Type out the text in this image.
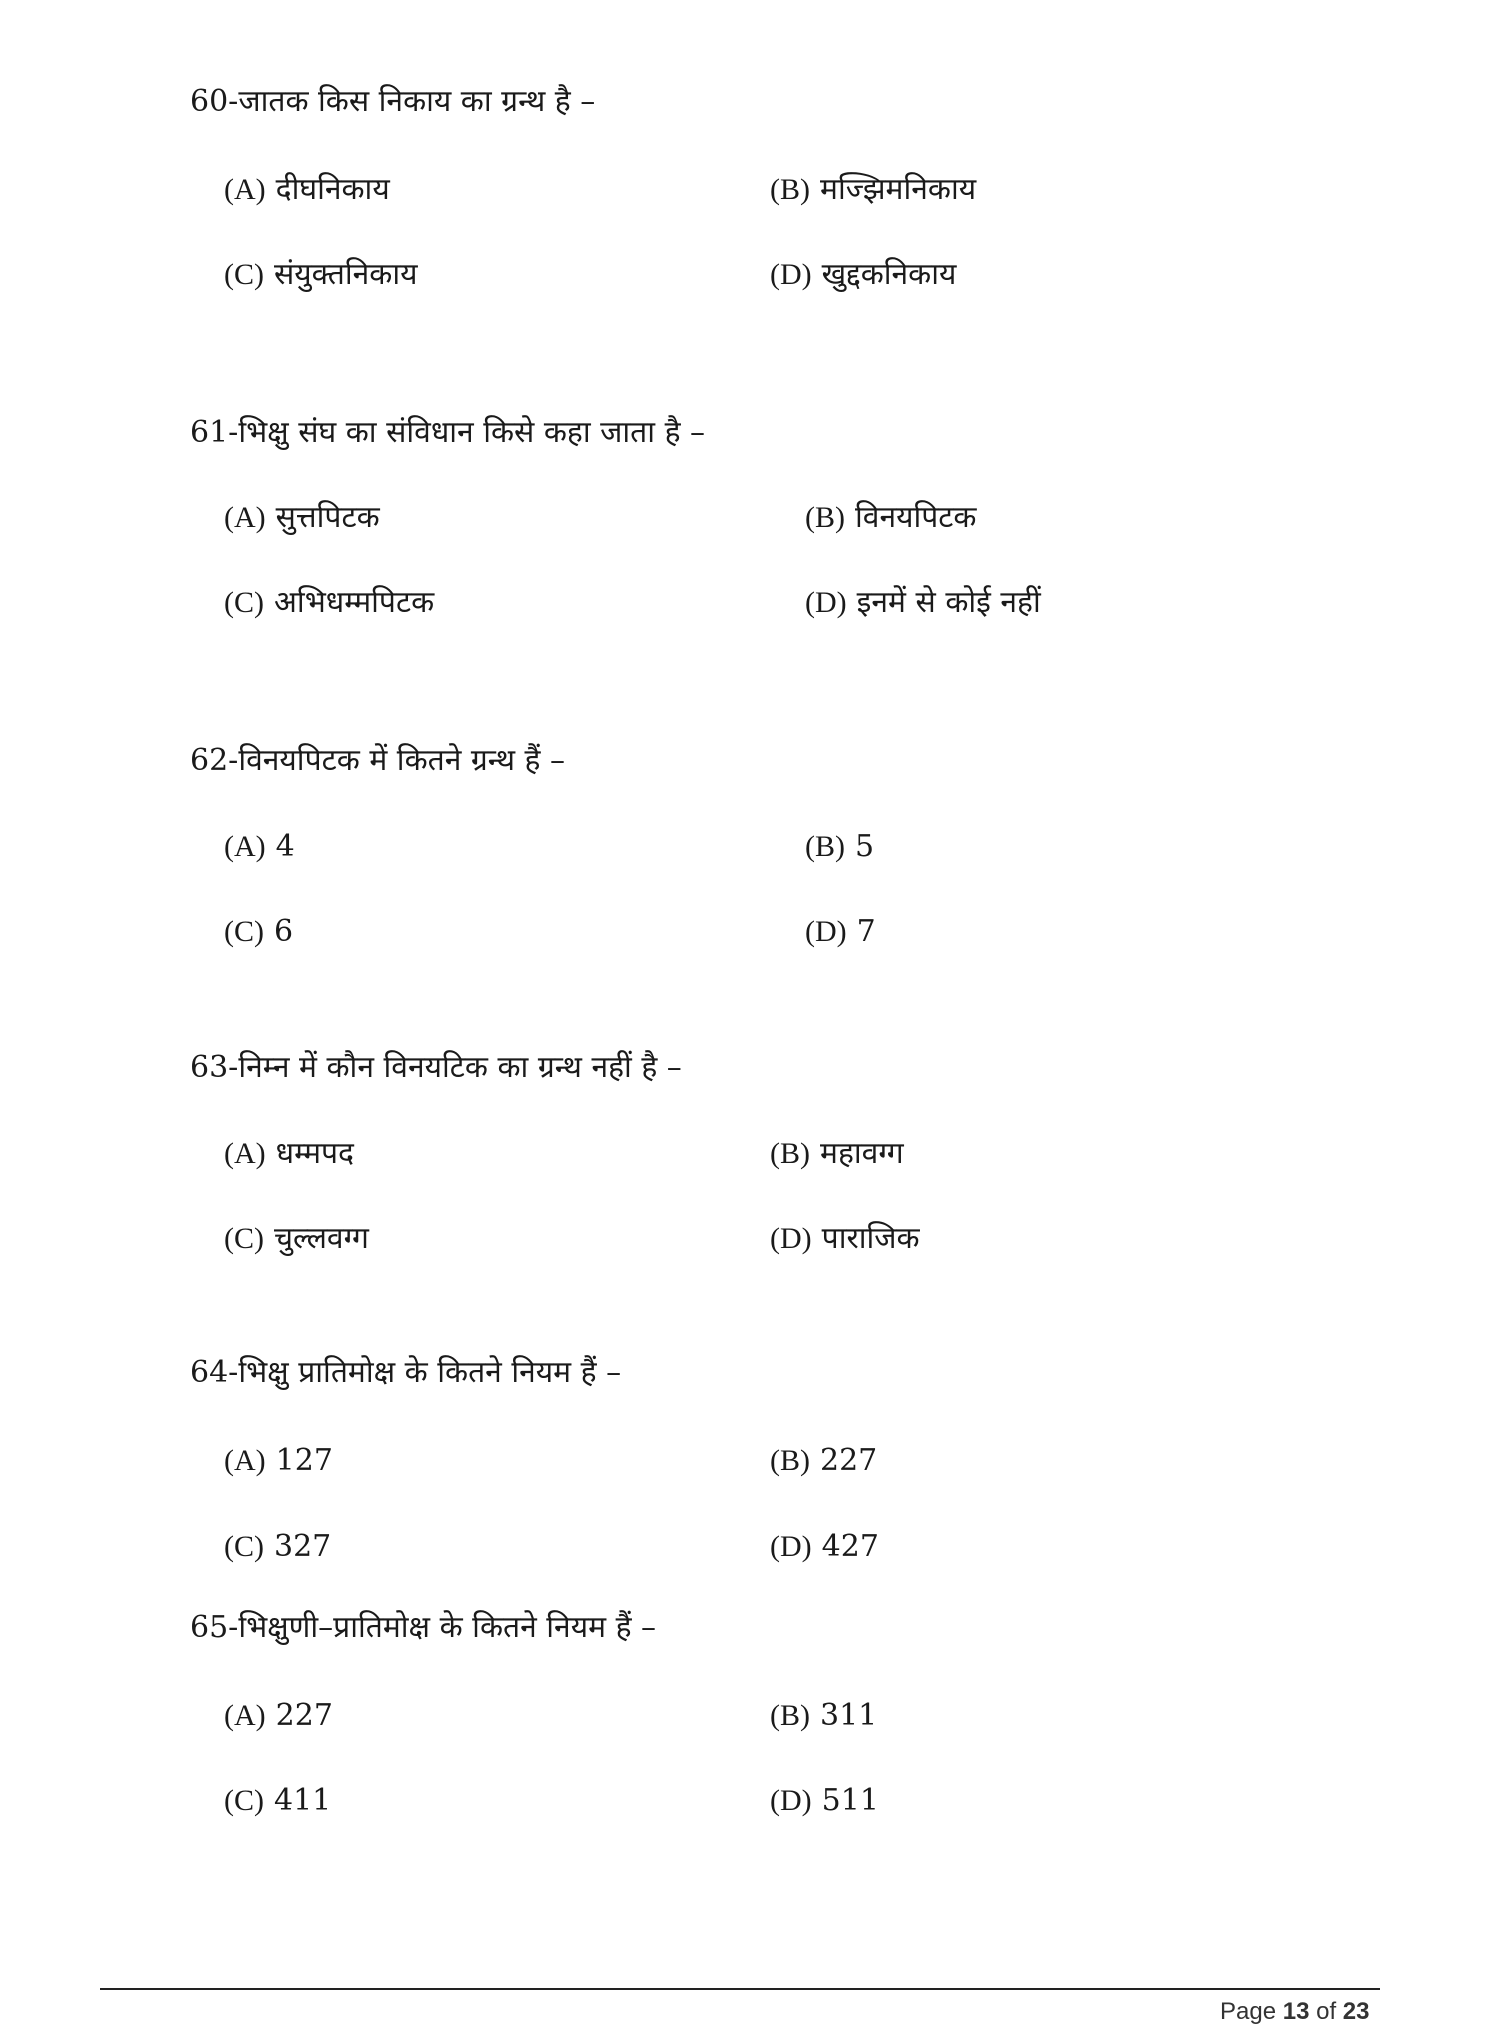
60-जातक किस निकाय का ग्रन्थ है –
(A) दीघनिकाय	(B) मज्झिमनिकाय
(C) संयुक्तनिकाय	(D) खुद्दकनिकाय
61-भिक्षु संघ का संविधान किसे कहा जाता है –
(A) सुत्तपिटक	(B) विनयपिटक
(C) अभिधम्मपिटक	(D) इनमें से कोई नहीं
62-विनयपिटक में कितने ग्रन्थ हैं –
(A) 4	(B) 5
(C) 6	(D) 7
63-निम्न में कौन विनयटिक का ग्रन्थ नहीं है –
(A) धम्मपद	(B) महावग्ग
(C) चुल्लवग्ग	(D) पाराजिक
64-भिक्षु प्रातिमोक्ष के कितने नियम हैं –
(A) 127	(B) 227
(C) 327	(D) 427
65-भिक्षुणी–प्रातिमोक्ष के कितने नियम हैं –
(A) 227	(B) 311
(C) 411	(D) 511
Page 13 of 23
